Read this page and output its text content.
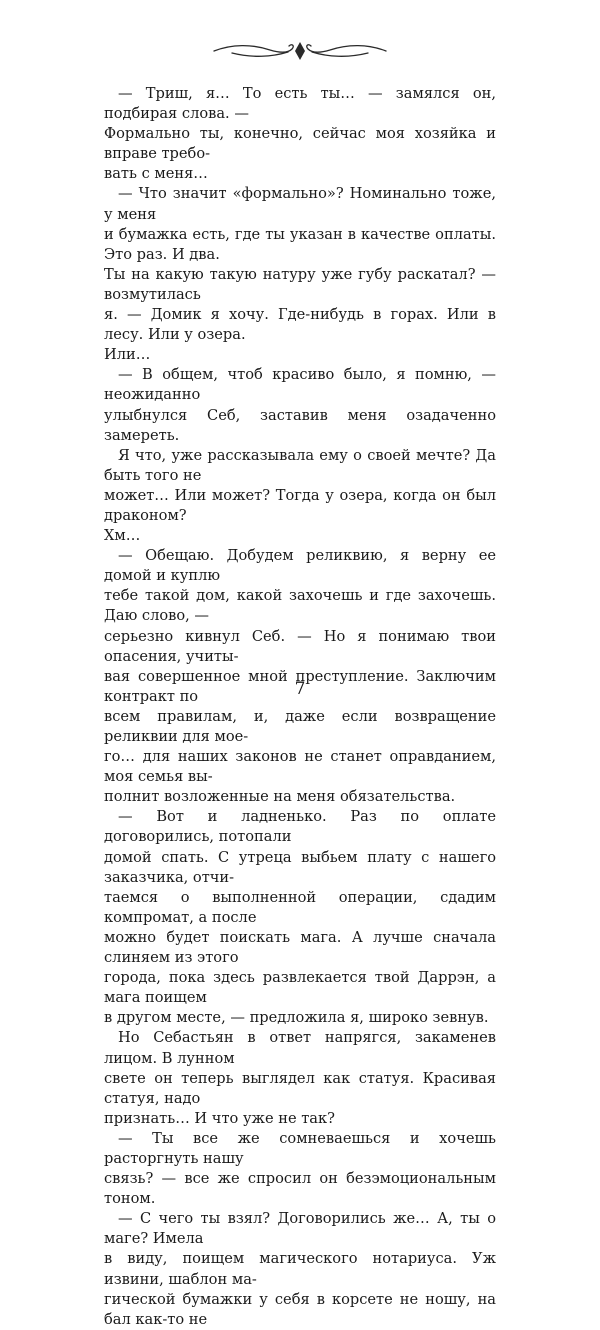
— Триш, я… То есть ты… — замялся он, подбирая слова. —
Формально ты, конечно, сейчас моя хозяйка и вправе требо-
вать с меня…

— Что значит «формально»? Номинально тоже, у меня
и бумажка есть, где ты указан в качестве оплаты. Это раз. И два.
Ты на какую такую натуру уже губу раскатал? — возмутилась
я. — Домик я хочу. Где-нибудь в горах. Или в лесу. Или у озера.
Или…

— В общем, чтоб красиво было, я помню, — неожиданно
улыбнулся Себ, заставив меня озадаченно замереть.

Я что, уже рассказывала ему о своей мечте? Да быть того не
может… Или может? Тогда у озера, когда он был драконом?
Хм…

— Обещаю. Добудем реликвию, я верну ее домой и куплю
тебе такой дом, какой захочешь и где захочешь. Даю слово, —
серьезно кивнул Себ. — Но я понимаю твои опасения, учиты-
вая совершенное мной преступление. Заключим контракт по
всем правилам, и, даже если возвращение реликвии для мое-
го… для наших законов не станет оправданием, моя семья вы-
полнит возложенные на меня обязательства.

— Вот и ладненько. Раз по оплате договорились, потопали
домой спать. С утреца выбьем плату с нашего заказчика, отчи-
таемся о выполненной операции, сдадим компромат, а после
можно будет поискать мага. А лучше сначала слиняем из этого
города, пока здесь развлекается твой Даррэн, а мага поищем
в другом месте, — предложила я, широко зевнув.

Но Себастьян в ответ напрягся, закаменев лицом. В лунном
свете он теперь выглядел как статуя. Красивая статуя, надо
признать… И что уже не так?

— Ты все же сомневаешься и хочешь расторгнуть нашу
связь? — все же спросил он безэмоциональным тоном.

— С чего ты взял? Договорились же… А, ты о маге? Имела
в виду, поищем магического нотариуса. Уж извини, шаблон ма-
гической бумажки у себя в корсете не ношу, на бал как-то не

7
